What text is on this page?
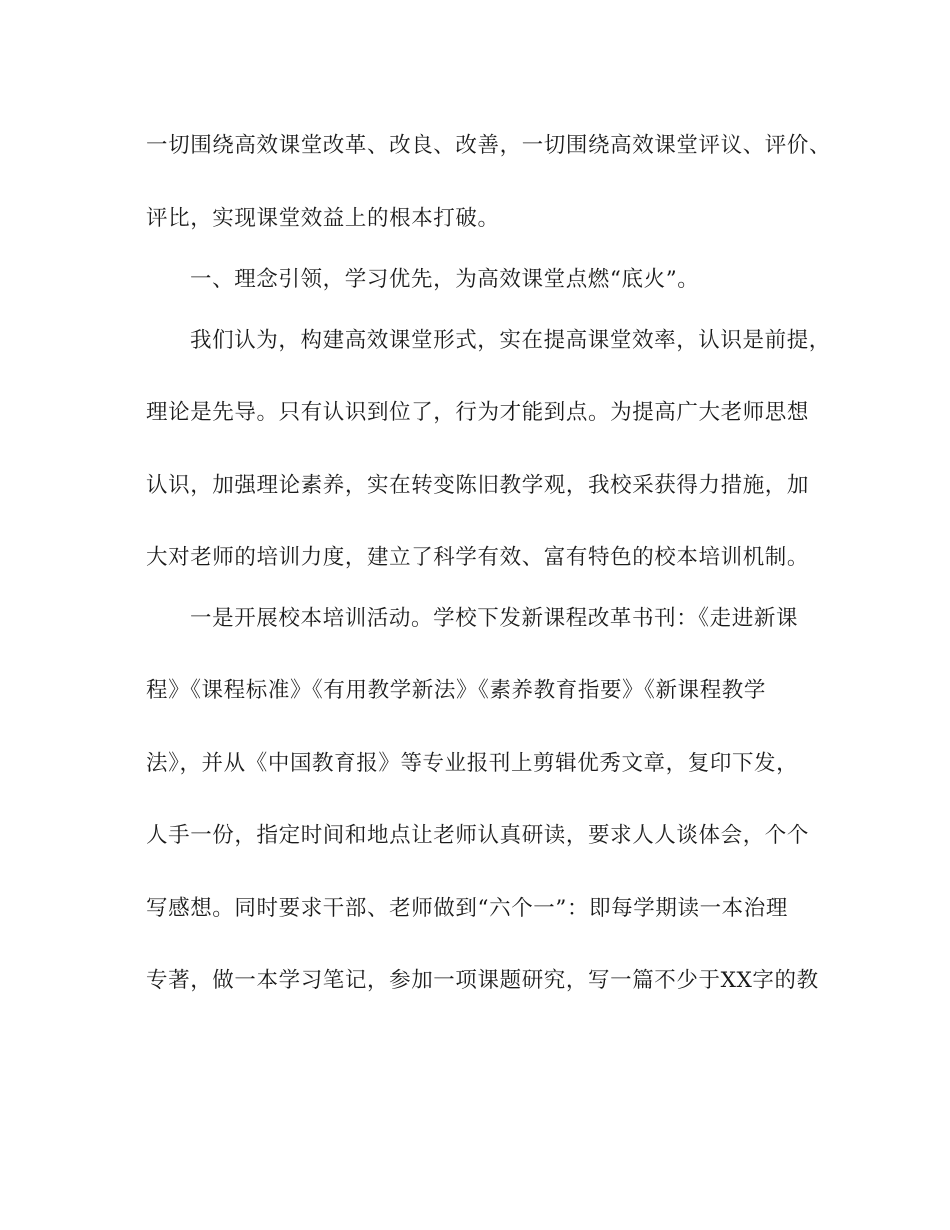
一切围绕高效课堂改革、改良、改善，一切围绕高效课堂评议、评价、
评比，实现课堂效益上的根本打破。
一、理念引领，学习优先，为高效课堂点燃“底火”。
我们认为，构建高效课堂形式，实在提高课堂效率，认识是前提，
理论是先导。只有认识到位了，行为才能到点。为提高广大老师思想
认识，加强理论素养，实在转变陈旧教学观，我校采获得力措施，加
大对老师的培训力度，建立了科学有效、富有特色的校本培训机制。
一是开展校本培训活动。学校下发新课程改革书刊：《走进新课
程》《课程标准》《有用教学新法》《素养教育指要》《新课程教学
法》，并从《中国教育报》等专业报刊上剪辑优秀文章，复印下发，
人手一份，指定时间和地点让老师认真研读，要求人人谈体会，个个
写感想。同时要求干部、老师做到“六个一”：即每学期读一本治理
专著，做一本学习笔记，参加一项课题研究，写一篇不少于XX字的教
